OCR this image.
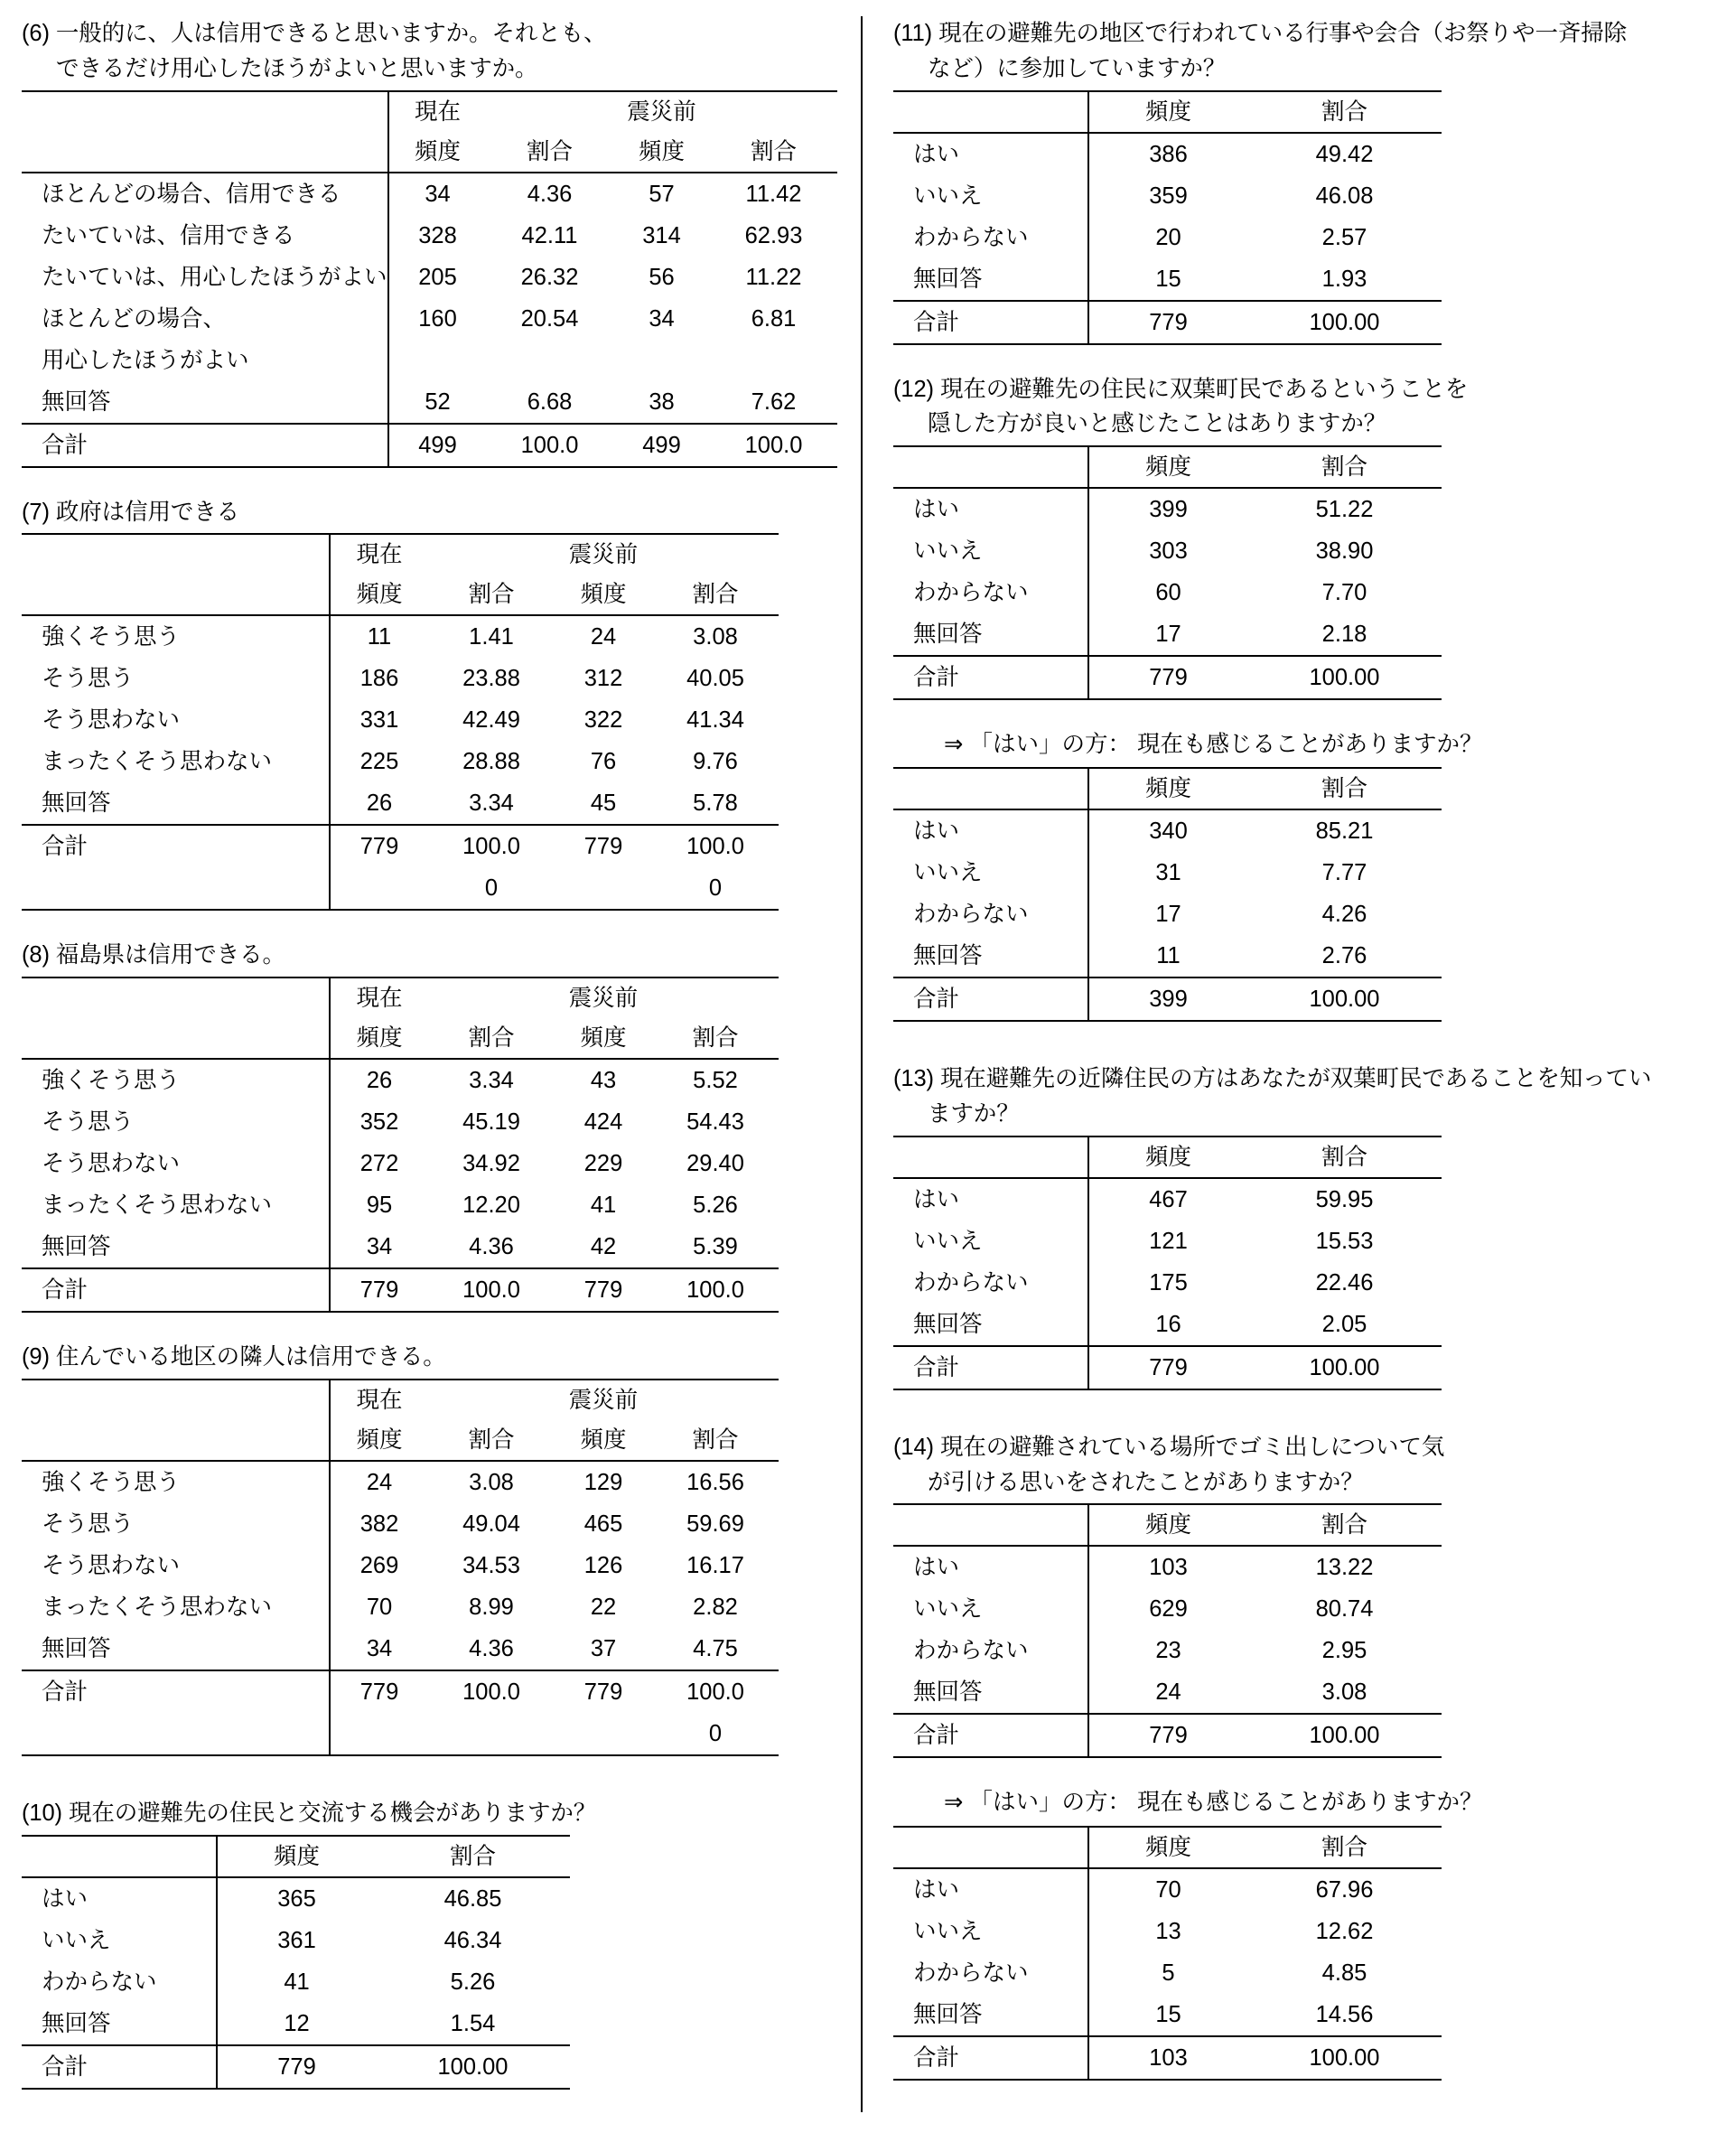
(6) 一般的に、人は信用できると思いますか。それとも、
できるだけ用心したほうがよいと思いますか。
	現在		震災前	
	頻度	割合	頻度	割合
ほとんどの場合、信用できる	34	4.36	57	11.42
たいていは、信用できる	328	42.11	314	62.93
たいていは、用心したほうがよい	205	26.32	56	11.22
ほとんどの場合、	160	20.54	34	6.81
用心したほうがよい				
無回答	52	6.68	38	7.62
合計	499	100.0	499	100.0
(7) 政府は信用できる
	現在		震災前	
	頻度	割合	頻度	割合
強くそう思う	11	1.41	24	3.08
そう思う	186	23.88	312	40.05
そう思わない	331	42.49	322	41.34
まったくそう思わない	225	28.88	76	9.76
無回答	26	3.34	45	5.78
合計	779	100.0	779	100.0
		0		0
(8) 福島県は信用できる。
	現在		震災前	
	頻度	割合	頻度	割合
強くそう思う	26	3.34	43	5.52
そう思う	352	45.19	424	54.43
そう思わない	272	34.92	229	29.40
まったくそう思わない	95	12.20	41	5.26
無回答	34	4.36	42	5.39
合計	779	100.0	779	100.0
(9) 住んでいる地区の隣人は信用できる。
	現在		震災前	
	頻度	割合	頻度	割合
強くそう思う	24	3.08	129	16.56
そう思う	382	49.04	465	59.69
そう思わない	269	34.53	126	16.17
まったくそう思わない	70	8.99	22	2.82
無回答	34	4.36	37	4.75
合計	779	100.0	779	100.0
				0
(10) 現在の避難先の住民と交流する機会がありますか？
	頻度	割合
はい	365	46.85
いいえ	361	46.34
わからない	41	5.26
無回答	12	1.54
合計	779	100.00
(11) 現在の避難先の地区で行われている行事や会合（お祭りや一斉掃除
など）に参加していますか？
	頻度	割合
はい	386	49.42
いいえ	359	46.08
わからない	20	2.57
無回答	15	1.93
合計	779	100.00
(12) 現在の避難先の住民に双葉町民であるということを
隠した方が良いと感じたことはありますか？
	頻度	割合
はい	399	51.22
いいえ	303	38.90
わからない	60	7.70
無回答	17	2.18
合計	779	100.00
⇒ 「はい」の方： 現在も感じることがありますか？
	頻度	割合
はい	340	85.21
いいえ	31	7.77
わからない	17	4.26
無回答	11	2.76
合計	399	100.00
(13) 現在避難先の近隣住民の方はあなたが双葉町民であることを知ってい
ますか？
	頻度	割合
はい	467	59.95
いいえ	121	15.53
わからない	175	22.46
無回答	16	2.05
合計	779	100.00
(14) 現在の避難されている場所でゴミ出しについて気
が引ける思いをされたことがありますか？
	頻度	割合
はい	103	13.22
いいえ	629	80.74
わからない	23	2.95
無回答	24	3.08
合計	779	100.00
⇒ 「はい」の方： 現在も感じることがありますか？
	頻度	割合
はい	70	67.96
いいえ	13	12.62
わからない	5	4.85
無回答	15	14.56
合計	103	100.00
